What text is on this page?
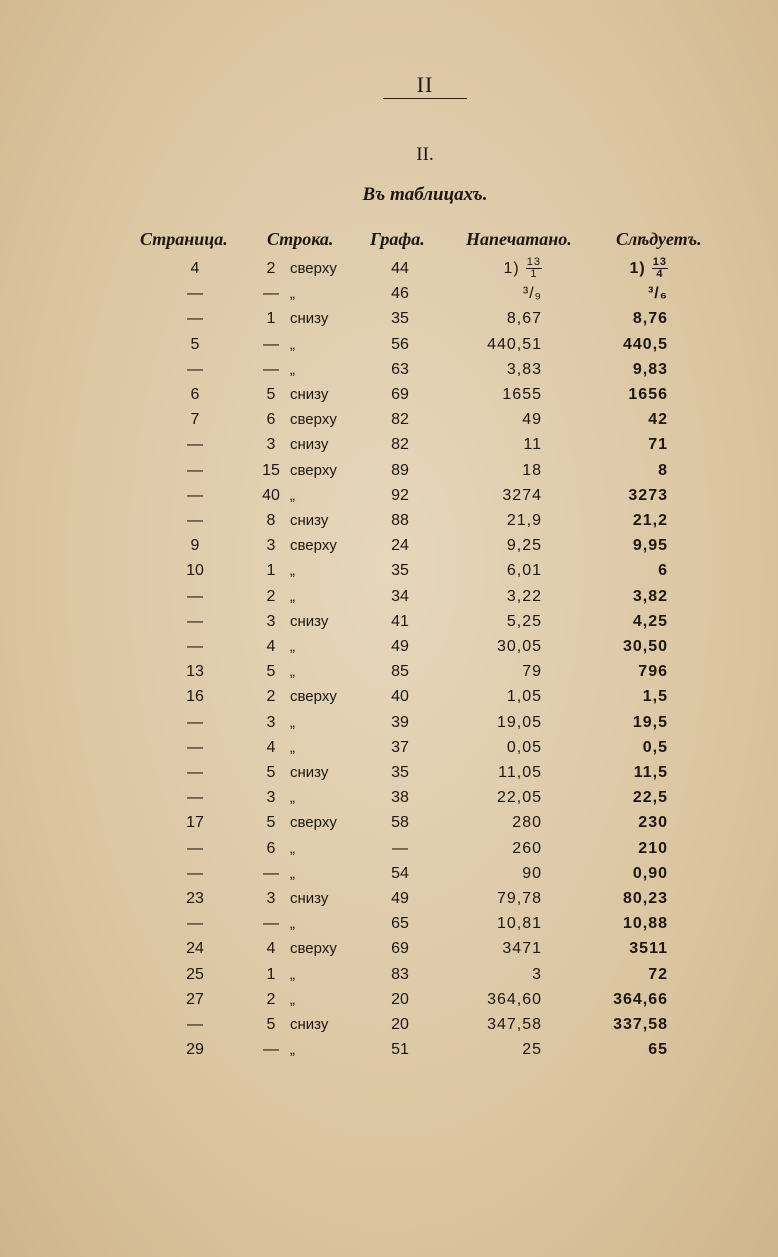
II
II.
Въ таблицахъ.
Страница. Строка. Графа. Напечатано. Слѣдуетъ.
4	2 сверху	44	$1) \frac{13}{1}$	$1) \frac{13}{4}$
—	— „	46	³/₉	³/₆
—	1 снизу	35	8,67	8,76
5	— „	56	440,51	440,5
—	— „	63	3,83	9,83
6	5 снизу	69	1655	1656
7	6 сверху	82	49	42
—	3 снизу	82	11	71
—	15 сверху	89	18	8
—	40 „	92	3274	3273
—	8 снизу	88	21,9	21,2
9	3 сверху	24	9,25	9,95
10	1 „	35	6,01	6
—	2 „	34	3,22	3,82
—	3 снизу	41	5,25	4,25
—	4 „	49	30,05	30,50
13	5 „	85	79	796
16	2 сверху	40	1,05	1,5
—	3 „	39	19,05	19,5
—	4 „	37	0,05	0,5
—	5 снизу	35	11,05	11,5
—	3 „	38	22,05	22,5
17	5 сверху	58	280	230
—	6 „	—	260	210
—	— „	54	90	0,90
23	3 снизу	49	79,78	80,23
—	— „	65	10,81	10,88
24	4 сверху	69	3471	3511
25	1 „	83	3	72
27	2 „	20	364,60	364,66
—	5 снизу	20	347,58	337,58
29	— „	51	25	65
